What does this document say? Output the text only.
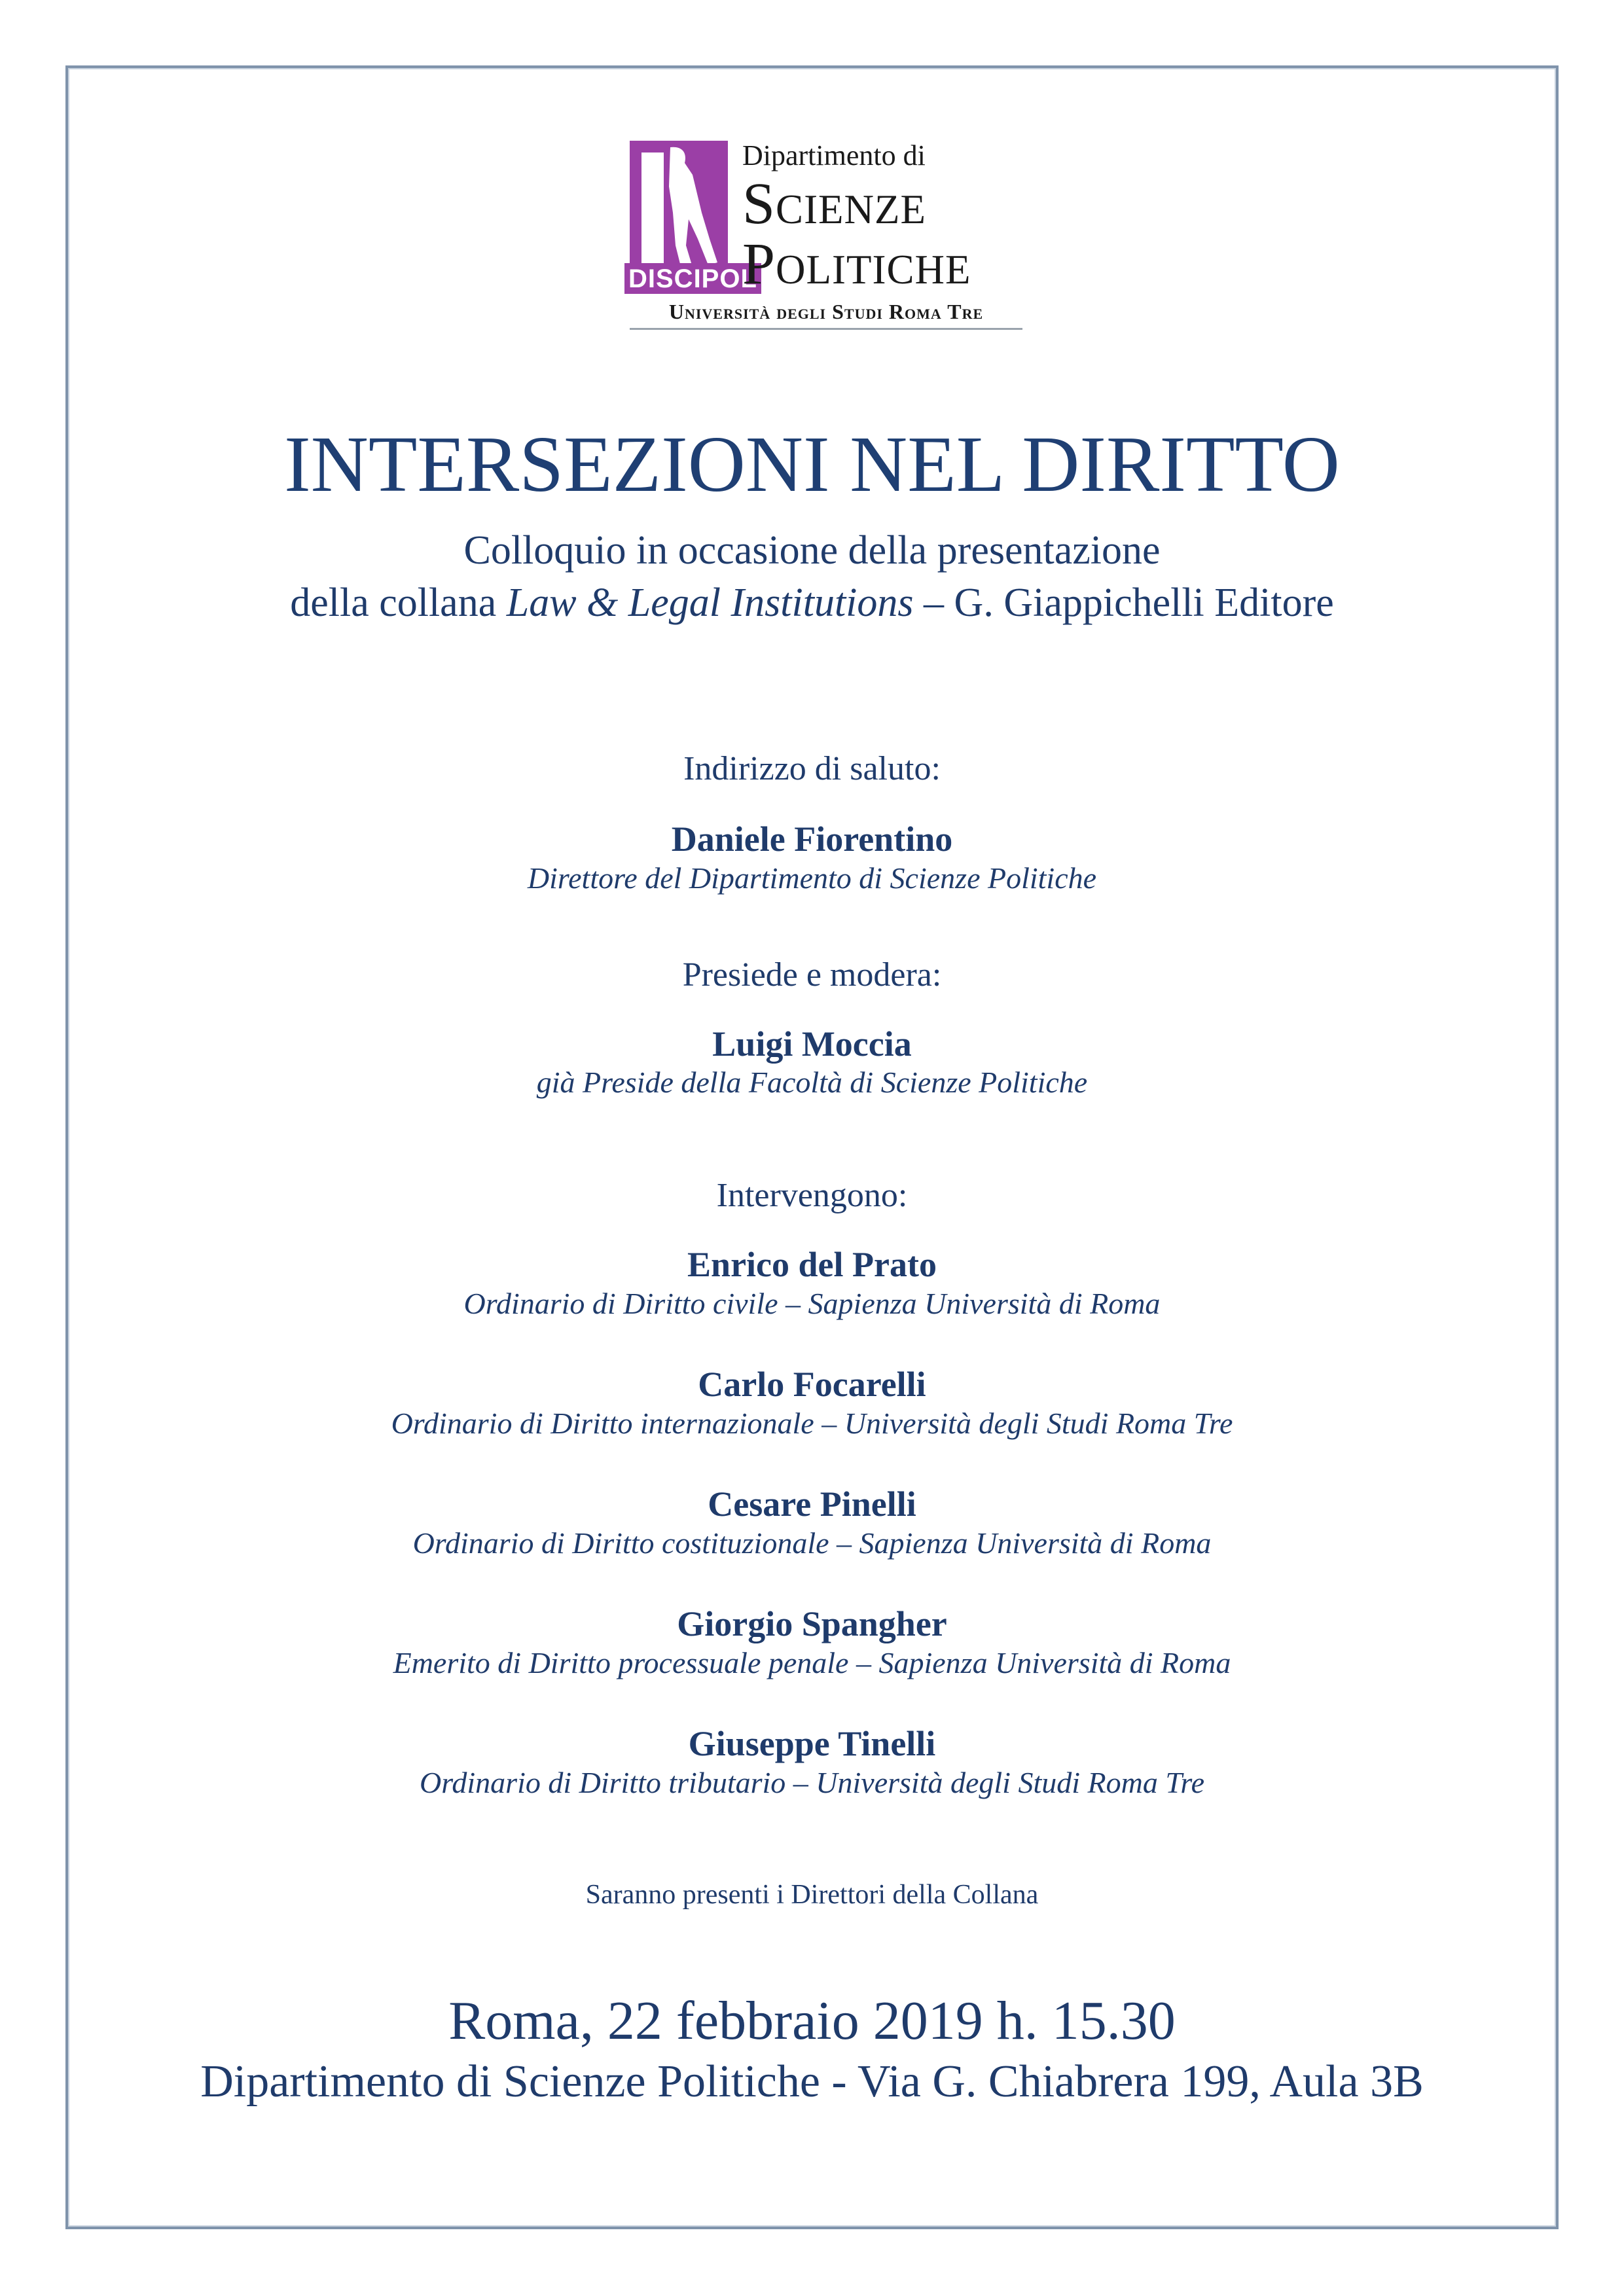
DISCIPOL
Dipartimento di
Scienze
Politiche
Università degli Studi Roma Tre
INTERSEZIONI NEL DIRITTO
Colloquio in occasione della presentazione
della collana Law & Legal Institutions – G. Giappichelli Editore
Indirizzo di saluto:
Daniele Fiorentino
Direttore del Dipartimento di Scienze Politiche
Presiede e modera:
Luigi Moccia
già Preside della Facoltà di Scienze Politiche
Intervengono:
Enrico del Prato
Ordinario di Diritto civile – Sapienza Università di Roma
Carlo Focarelli
Ordinario di Diritto internazionale – Università degli Studi Roma Tre
Cesare Pinelli
Ordinario di Diritto costituzionale – Sapienza Università di Roma
Giorgio Spangher
Emerito di Diritto processuale penale – Sapienza Università di Roma
Giuseppe Tinelli
Ordinario di Diritto tributario – Università degli Studi Roma Tre
Saranno presenti i Direttori della Collana
Roma, 22 febbraio 2019 h. 15.30
Dipartimento di Scienze Politiche - Via G. Chiabrera 199, Aula 3B
